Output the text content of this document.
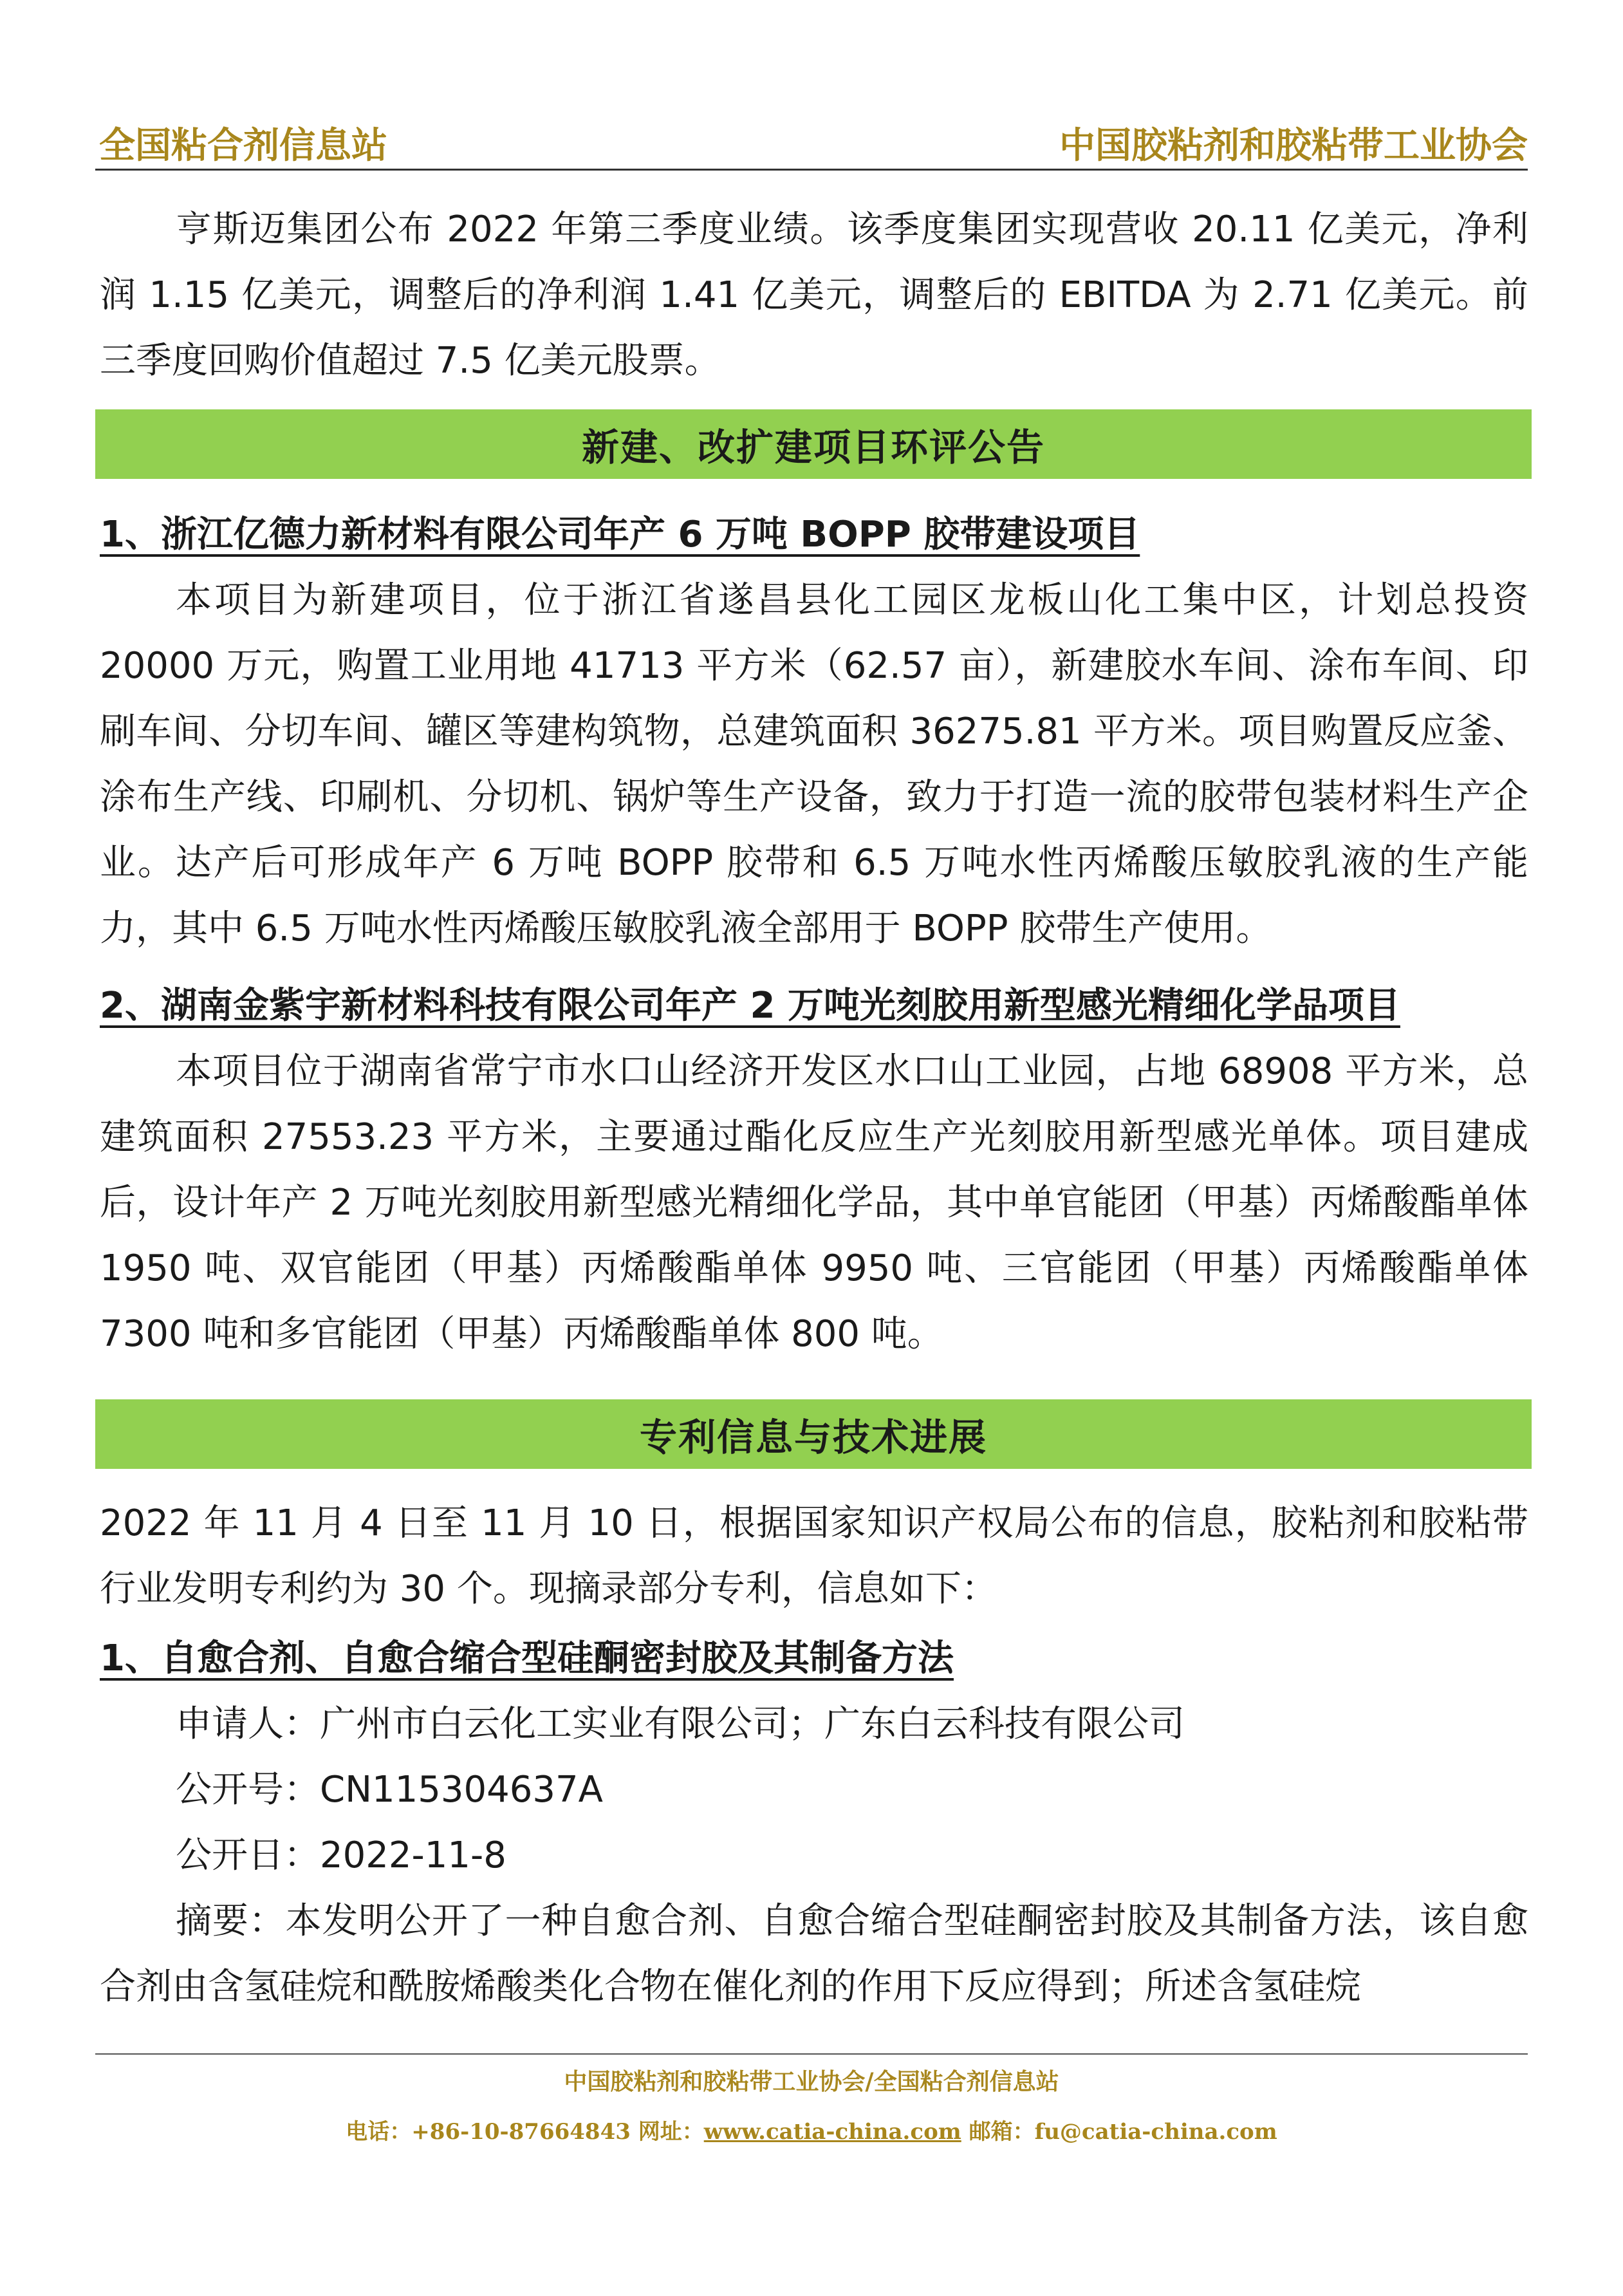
全国粘合剂信息站	中国胶粘剂和胶粘带工业协会

亨斯迈集团公布 2022 年第三季度业绩。该季度集团实现营收 20.11 亿美元，净利润 1.15 亿美元，调整后的净利润 1.41 亿美元，调整后的 EBITDA 为 2.71 亿美元。前三季度回购价值超过 7.5 亿美元股票。

新建、改扩建项目环评公告

1、浙江亿德力新材料有限公司年产 6 万吨 BOPP 胶带建设项目

本项目为新建项目，位于浙江省遂昌县化工园区龙板山化工集中区，计划总投资 20000 万元，购置工业用地 41713 平方米（62.57 亩），新建胶水车间、涂布车间、印刷车间、分切车间、罐区等建构筑物，总建筑面积 36275.81 平方米。项目购置反应釜、涂布生产线、印刷机、分切机、锅炉等生产设备，致力于打造一流的胶带包装材料生产企业。达产后可形成年产 6 万吨 BOPP 胶带和 6.5 万吨水性丙烯酸压敏胶乳液的生产能力，其中 6.5 万吨水性丙烯酸压敏胶乳液全部用于 BOPP 胶带生产使用。

2、湖南金紫宇新材料科技有限公司年产 2 万吨光刻胶用新型感光精细化学品项目

本项目位于湖南省常宁市水口山经济开发区水口山工业园，占地 68908 平方米，总建筑面积 27553.23 平方米，主要通过酯化反应生产光刻胶用新型感光单体。项目建成后，设计年产 2 万吨光刻胶用新型感光精细化学品，其中单官能团（甲基）丙烯酸酯单体 1950 吨、双官能团（甲基）丙烯酸酯单体 9950 吨、三官能团（甲基）丙烯酸酯单体 7300 吨和多官能团（甲基）丙烯酸酯单体 800 吨。

专利信息与技术进展

2022 年 11 月 4 日至 11 月 10 日，根据国家知识产权局公布的信息，胶粘剂和胶粘带行业发明专利约为 30 个。现摘录部分专利，信息如下：

1、自愈合剂、自愈合缩合型硅酮密封胶及其制备方法

申请人：广州市白云化工实业有限公司；广东白云科技有限公司

公开号：CN115304637A

公开日：2022-11-8

摘要：本发明公开了一种自愈合剂、自愈合缩合型硅酮密封胶及其制备方法，该自愈合剂由含氢硅烷和酰胺烯酸类化合物在催化剂的作用下反应得到；所述含氢硅烷

中国胶粘剂和胶粘带工业协会/全国粘合剂信息站
电话：+86-10-87664843 网址：www.catia-china.com 邮箱：fu@catia-china.com
